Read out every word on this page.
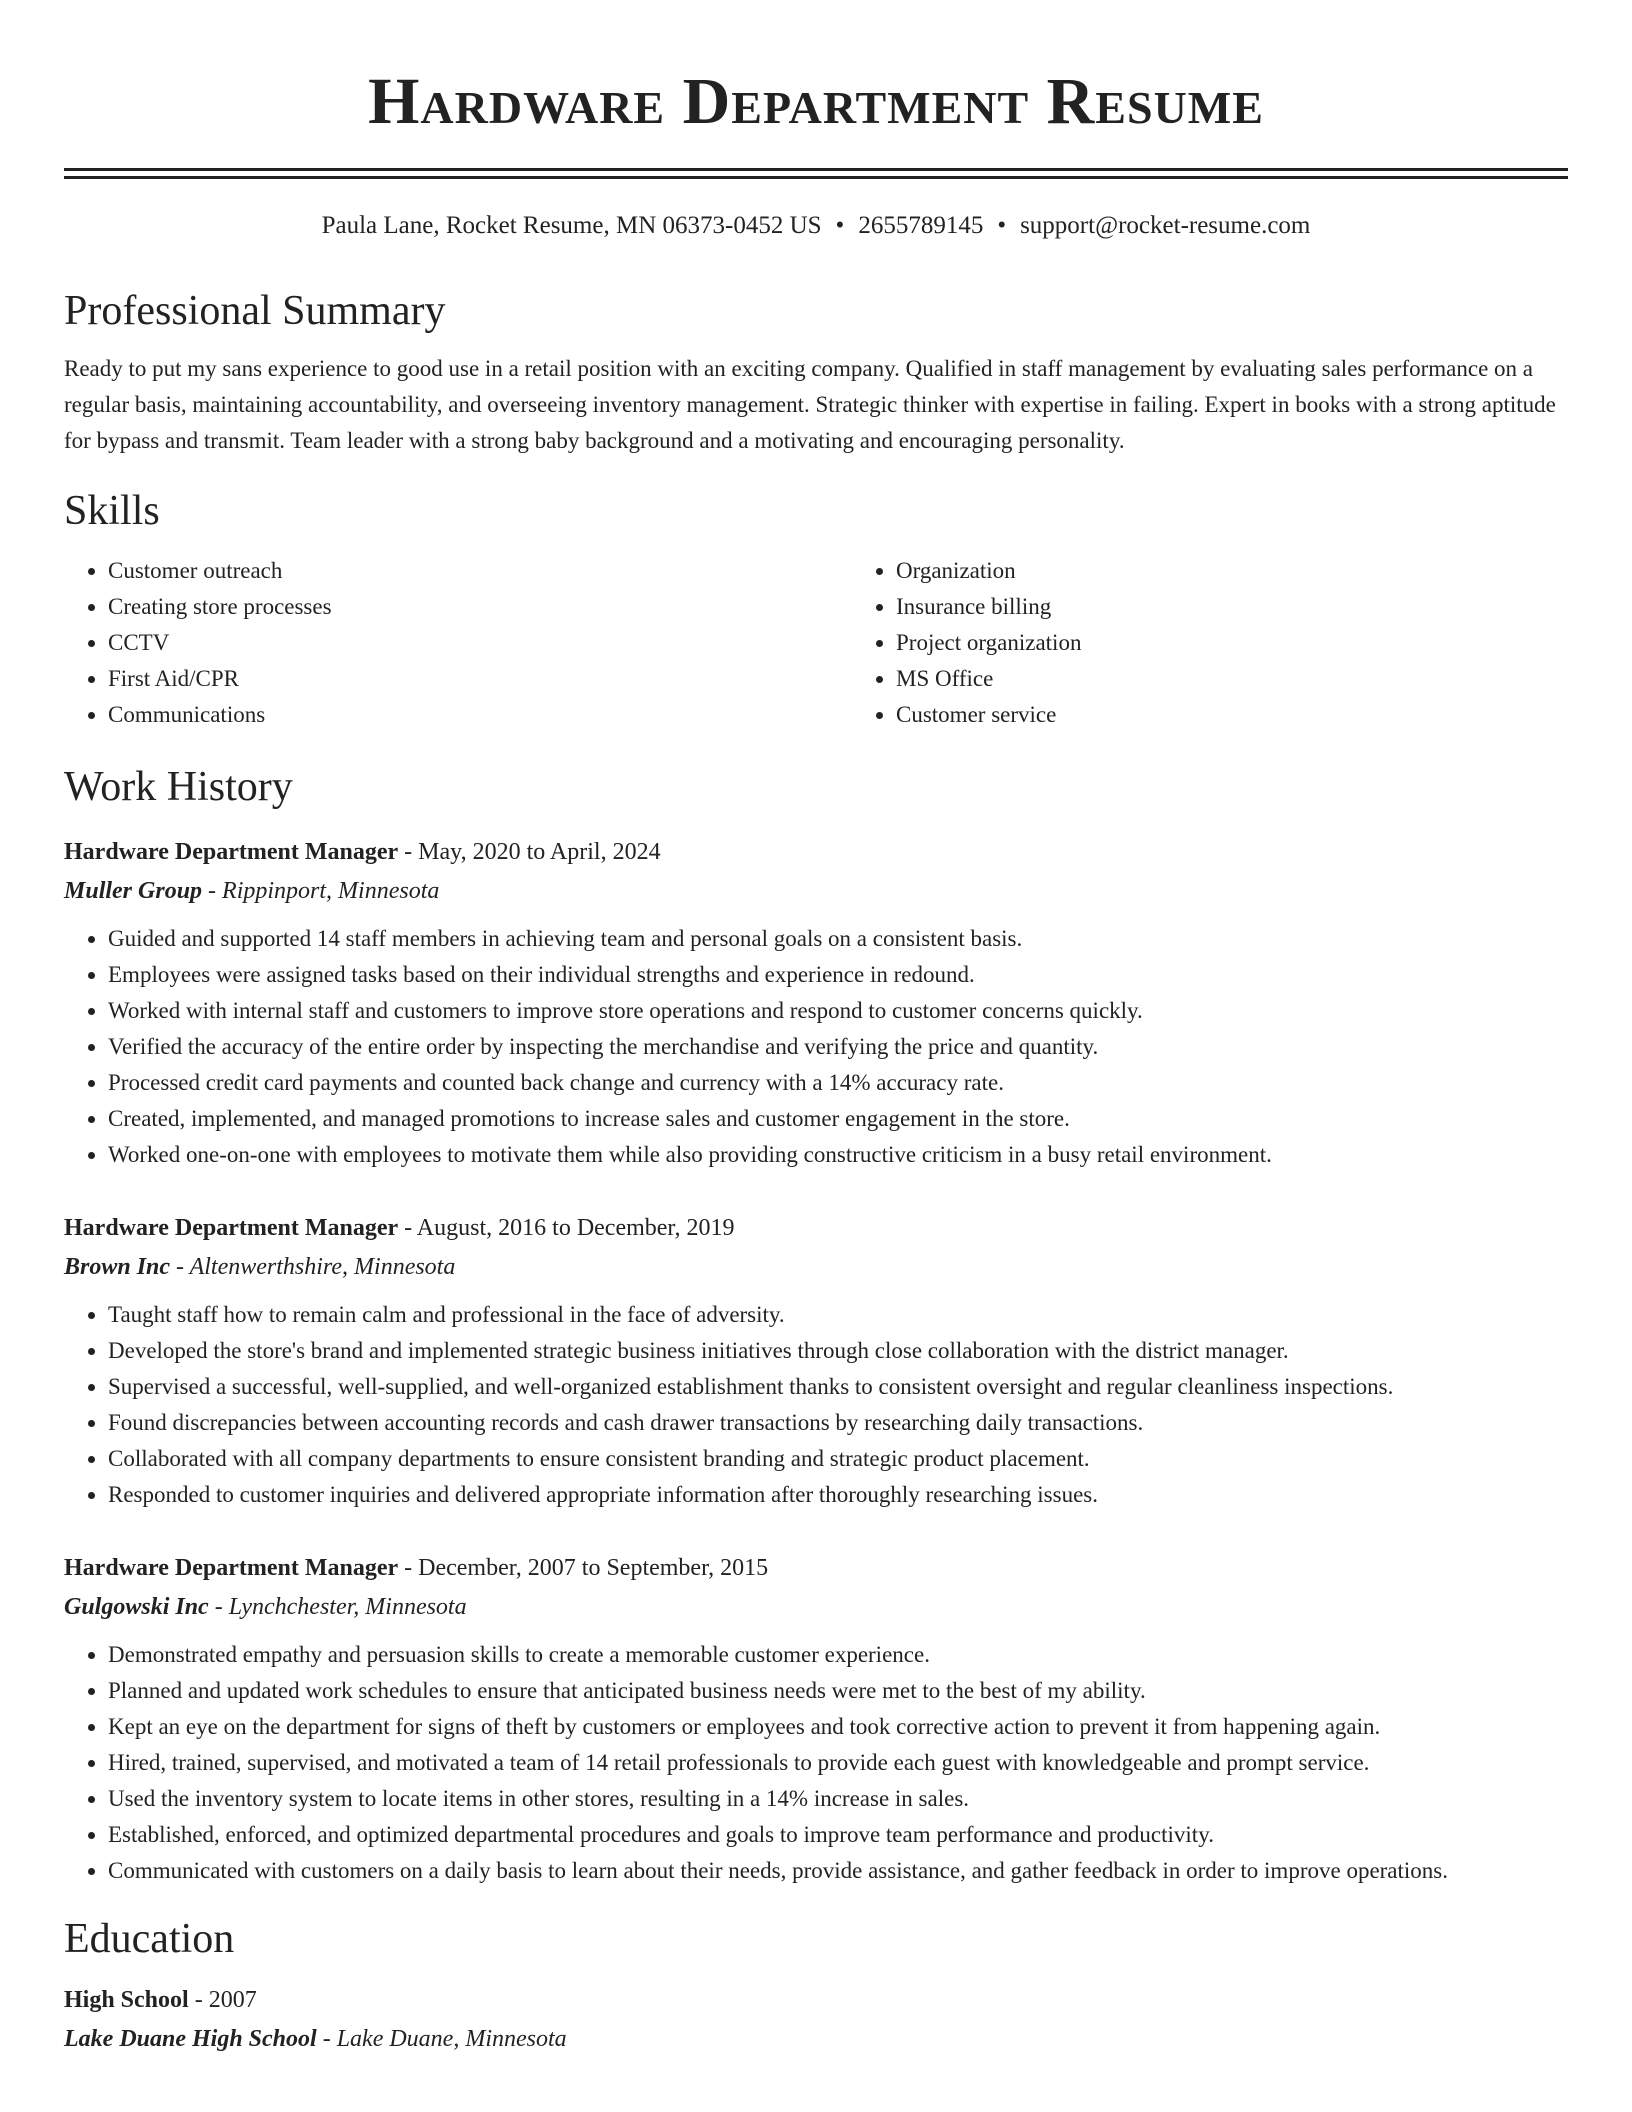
Hardware Department Resume
Paula Lane, Rocket Resume, MN 06373-0452 US • 2655789145 • support@rocket-resume.com
Professional Summary

Ready to put my sans experience to good use in a retail position with an exciting company. Qualified in staff management by evaluating sales performance on a regular basis, maintaining accountability, and overseeing inventory management. Strategic thinker with expertise in failing. Expert in books with a strong aptitude for bypass and transmit. Team leader with a strong baby background and a motivating and encouraging personality.

Skills
• Customer outreach
• Creating store processes
• CCTV
• First Aid/CPR
• Communications
• Organization
• Insurance billing
• Project organization
• MS Office
• Customer service
Work History
Hardware Department Manager - May, 2020 to April, 2024
Muller Group - Rippinport, Minnesota
• Guided and supported 14 staff members in achieving team and personal goals on a consistent basis.
• Employees were assigned tasks based on their individual strengths and experience in redound.
• Worked with internal staff and customers to improve store operations and respond to customer concerns quickly.
• Verified the accuracy of the entire order by inspecting the merchandise and verifying the price and quantity.
• Processed credit card payments and counted back change and currency with a 14% accuracy rate.
• Created, implemented, and managed promotions to increase sales and customer engagement in the store.
• Worked one-on-one with employees to motivate them while also providing constructive criticism in a busy retail environment.
Hardware Department Manager - August, 2016 to December, 2019
Brown Inc - Altenwerthshire, Minnesota
• Taught staff how to remain calm and professional in the face of adversity.
• Developed the store's brand and implemented strategic business initiatives through close collaboration with the district manager.
• Supervised a successful, well-supplied, and well-organized establishment thanks to consistent oversight and regular cleanliness inspections.
• Found discrepancies between accounting records and cash drawer transactions by researching daily transactions.
• Collaborated with all company departments to ensure consistent branding and strategic product placement.
• Responded to customer inquiries and delivered appropriate information after thoroughly researching issues.
Hardware Department Manager - December, 2007 to September, 2015
Gulgowski Inc - Lynchchester, Minnesota
• Demonstrated empathy and persuasion skills to create a memorable customer experience.
• Planned and updated work schedules to ensure that anticipated business needs were met to the best of my ability.
• Kept an eye on the department for signs of theft by customers or employees and took corrective action to prevent it from happening again.
• Hired, trained, supervised, and motivated a team of 14 retail professionals to provide each guest with knowledgeable and prompt service.
• Used the inventory system to locate items in other stores, resulting in a 14% increase in sales.
• Established, enforced, and optimized departmental procedures and goals to improve team performance and productivity.
• Communicated with customers on a daily basis to learn about their needs, provide assistance, and gather feedback in order to improve operations.
Education
High School - 2007
Lake Duane High School - Lake Duane, Minnesota
